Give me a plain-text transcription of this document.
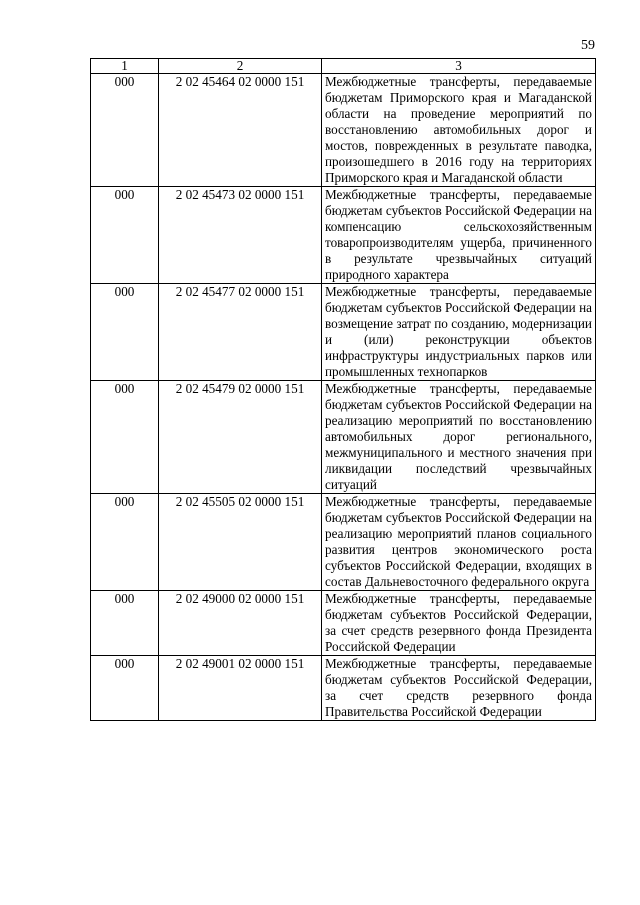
59
1	2	3
000	2 02 45464 02 0000 151	Межбюджетные трансферты, передаваемые бюджетам Приморского края и Магаданской области на проведение мероприятий по восстановлению автомобильных дорог и мостов, поврежденных в результате паводка, произошедшего в 2016 году на территориях Приморского края и Магаданской области
000	2 02 45473 02 0000 151	Межбюджетные трансферты, передаваемые бюджетам субъектов Российской Федерации на компенсацию сельскохозяйственным товаропроизводителям ущерба, причиненного в результате чрезвычайных ситуаций природного характера
000	2 02 45477 02 0000 151	Межбюджетные трансферты, передаваемые бюджетам субъектов Российской Федерации на возмещение затрат по созданию, модернизации и (или) реконструкции объектов инфраструктуры индустриальных парков или промышленных технопарков
000	2 02 45479 02 0000 151	Межбюджетные трансферты, передаваемые бюджетам субъектов Российской Федерации на реализацию мероприятий по восстановлению автомобильных дорог регионального, межмуниципального и местного значения при ликвидации последствий чрезвычайных ситуаций
000	2 02 45505 02 0000 151	Межбюджетные трансферты, передаваемые бюджетам субъектов Российской Федерации на реализацию мероприятий планов социального развития центров экономического роста субъектов Российской Федерации, входящих в состав Дальневосточного федерального округа
000	2 02 49000 02 0000 151	Межбюджетные трансферты, передаваемые бюджетам субъектов Российской Федерации, за счет средств резервного фонда Президента Российской Федерации
000	2 02 49001 02 0000 151	Межбюджетные трансферты, передаваемые бюджетам субъектов Российской Федерации, за счет средств резервного фонда Правительства Российской Федерации
